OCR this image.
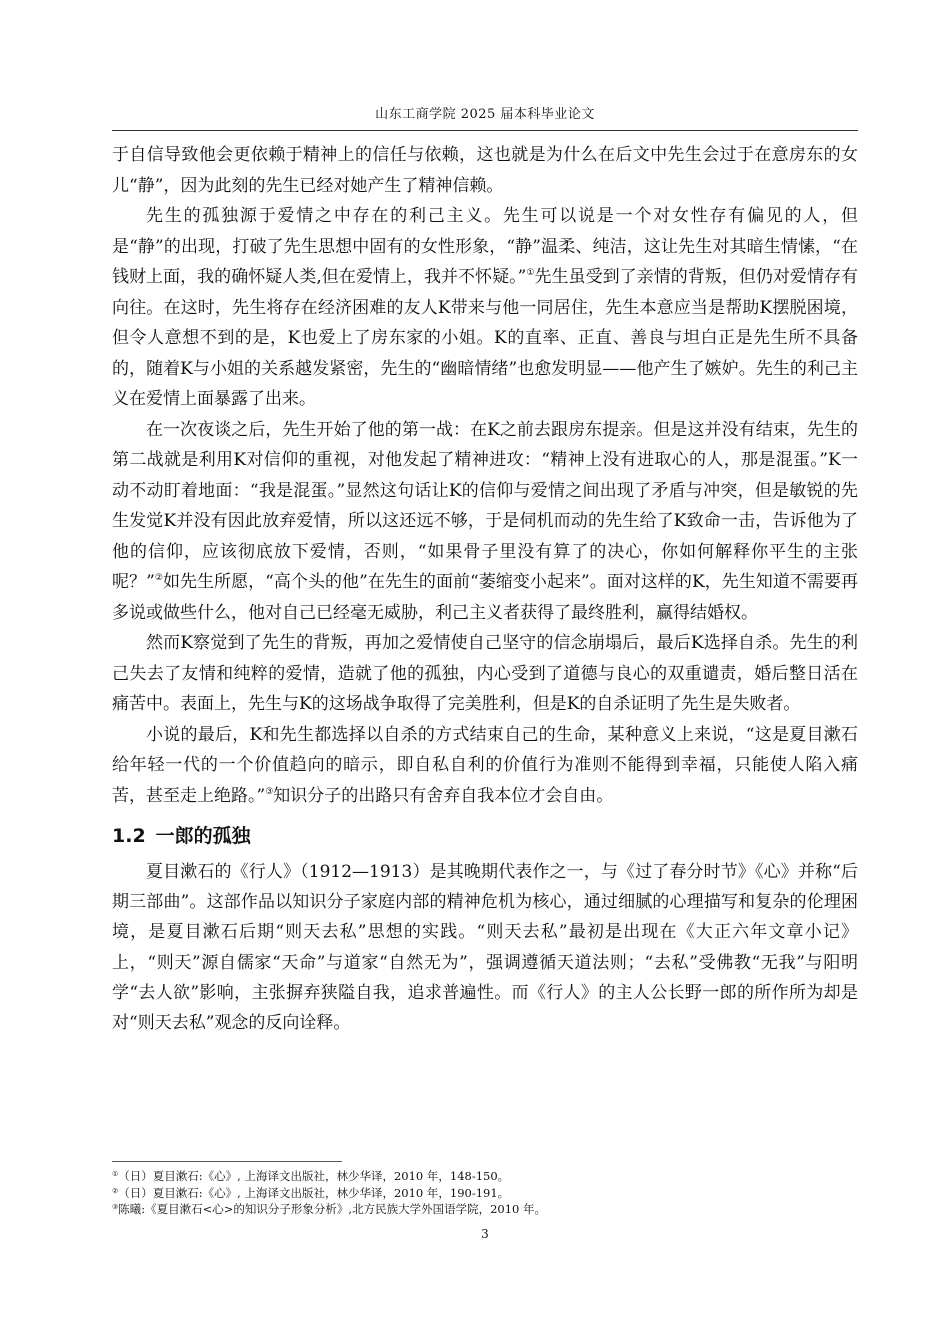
山东工商学院 2025 届本科毕业论文

于自信导致他会更依赖于精神上的信任与依赖，这也就是为什么在后文中先生会过于在意房东的女儿“静”，因为此刻的先生已经对她产生了精神信赖。

先生的孤独源于爱情之中存在的利己主义。先生可以说是一个对女性存有偏见的人，但是“静”的出现，打破了先生思想中固有的女性形象，“静”温柔、纯洁，这让先生对其暗生情愫，“在钱财上面，我的确怀疑人类,但在爱情上，我并不怀疑。”①先生虽受到了亲情的背叛，但仍对爱情存有向往。在这时，先生将存在经济困难的友人K带来与他一同居住，先生本意应当是帮助K摆脱困境，但令人意想不到的是，K也爱上了房东家的小姐。K的直率、正直、善良与坦白正是先生所不具备的，随着K与小姐的关系越发紧密，先生的“幽暗情绪”也愈发明显——他产生了嫉妒。先生的利己主义在爱情上面暴露了出来。

在一次夜谈之后，先生开始了他的第一战：在K之前去跟房东提亲。但是这并没有结束，先生的第二战就是利用K对信仰的重视，对他发起了精神进攻：“精神上没有进取心的人，那是混蛋。”K一动不动盯着地面：“我是混蛋。”显然这句话让K的信仰与爱情之间出现了矛盾与冲突，但是敏锐的先生发觉K并没有因此放弃爱情，所以这还远不够，于是伺机而动的先生给了K致命一击，告诉他为了他的信仰，应该彻底放下爱情，否则，“如果骨子里没有算了的决心，你如何解释你平生的主张呢？”②如先生所愿，“高个头的他”在先生的面前“萎缩变小起来”。面对这样的K，先生知道不需要再多说或做些什么，他对自己已经毫无威胁，利己主义者获得了最终胜利，赢得结婚权。

然而K察觉到了先生的背叛，再加之爱情使自己坚守的信念崩塌后，最后K选择自杀。先生的利己失去了友情和纯粹的爱情，造就了他的孤独，内心受到了道德与良心的双重谴责，婚后整日活在痛苦中。表面上，先生与K的这场战争取得了完美胜利，但是K的自杀证明了先生是失败者。

小说的最后，K和先生都选择以自杀的方式结束自己的生命，某种意义上来说，“这是夏目漱石给年轻一代的一个价值趋向的暗示，即自私自利的价值行为准则不能得到幸福，只能使人陷入痛苦，甚至走上绝路。”③知识分子的出路只有舍弃自我本位才会自由。

1.2 一郎的孤独

夏目漱石的《行人》（1912—1913）是其晚期代表作之一，与《过了春分时节》《心》并称“后期三部曲”。这部作品以知识分子家庭内部的精神危机为核心，通过细腻的心理描写和复杂的伦理困境，是夏目漱石后期“则天去私”思想的实践。“则天去私”最初是出现在《大正六年文章小记》上，“则天”源自儒家“天命”与道家“自然无为”，强调遵循天道法则；“去私”受佛教“无我”与阳明学“去人欲”影响，主张摒弃狭隘自我，追求普遍性。而《行人》的主人公长野一郎的所作所为却是对“则天去私”观念的反向诠释。

①（日）夏目漱石:《心》, 上海译文出版社，林少华译，2010 年，148-150。

②（日）夏目漱石:《心》, 上海译文出版社，林少华译，2010 年，190-191。

③陈曦:《夏目漱石<心>的知识分子形象分析》,北方民族大学外国语学院，2010 年。

3
